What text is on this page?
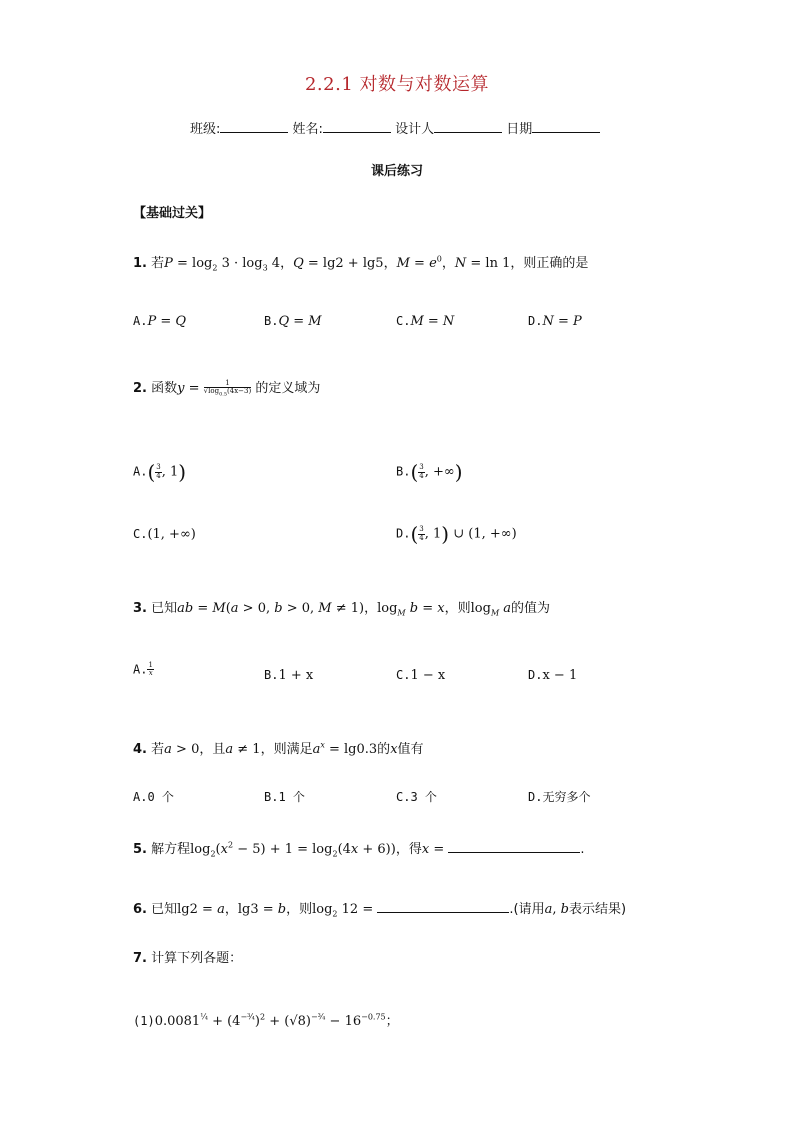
2.2.1 对数与对数运算
班级:	姓名:	设计人	日期
课后练习
【基础过关】
1. 若$P = \log_2 3 \cdot \log_3 4$，Q = lg2 + lg5，$M = e^0$，N = ln 1，则正确的是
A.P = Q	B.Q = M	C.M = N	D.N = P
2. 函数$y = \frac{1}{√\log_{0.5}(4x-3)}$ 的定义域为
$A.( \frac{3}{4}$ , 1)	$B.( \frac{3}{4}$ , +∞)
C.(1, +∞)	$D.( \frac{3}{4}$ , 1) ∪ (1, +∞)
3. 已知ab = M(a > 0, b > 0, M ≠ 1)，$\log_M b = x$，则$\log_M a$的值为
A. $\frac{1}{x}$	B.1 + x	C.1 − x	D.x − 1
4. 若a > 0，且a ≠ 1，则满足$a^x = \lg 0.3$的x值有
A.0 个	B.1 个	C.3 个	D.无穷多个
5. 解方程$\log_2(x^2 - 5) + 1 = \log_2(4x + 6)$)，得x =	.
6. 已知lg2 = a，lg3 = b，则$\log_2 12$ =	.(请用a, b表示结果)
7. 计算下列各题：
$(1)0.0081^{\frac{1}{4}} + (4^{-\frac{3}{4}})^2 + (√8)^{-\frac{3}{4}} - 16^{-0.75}$；
